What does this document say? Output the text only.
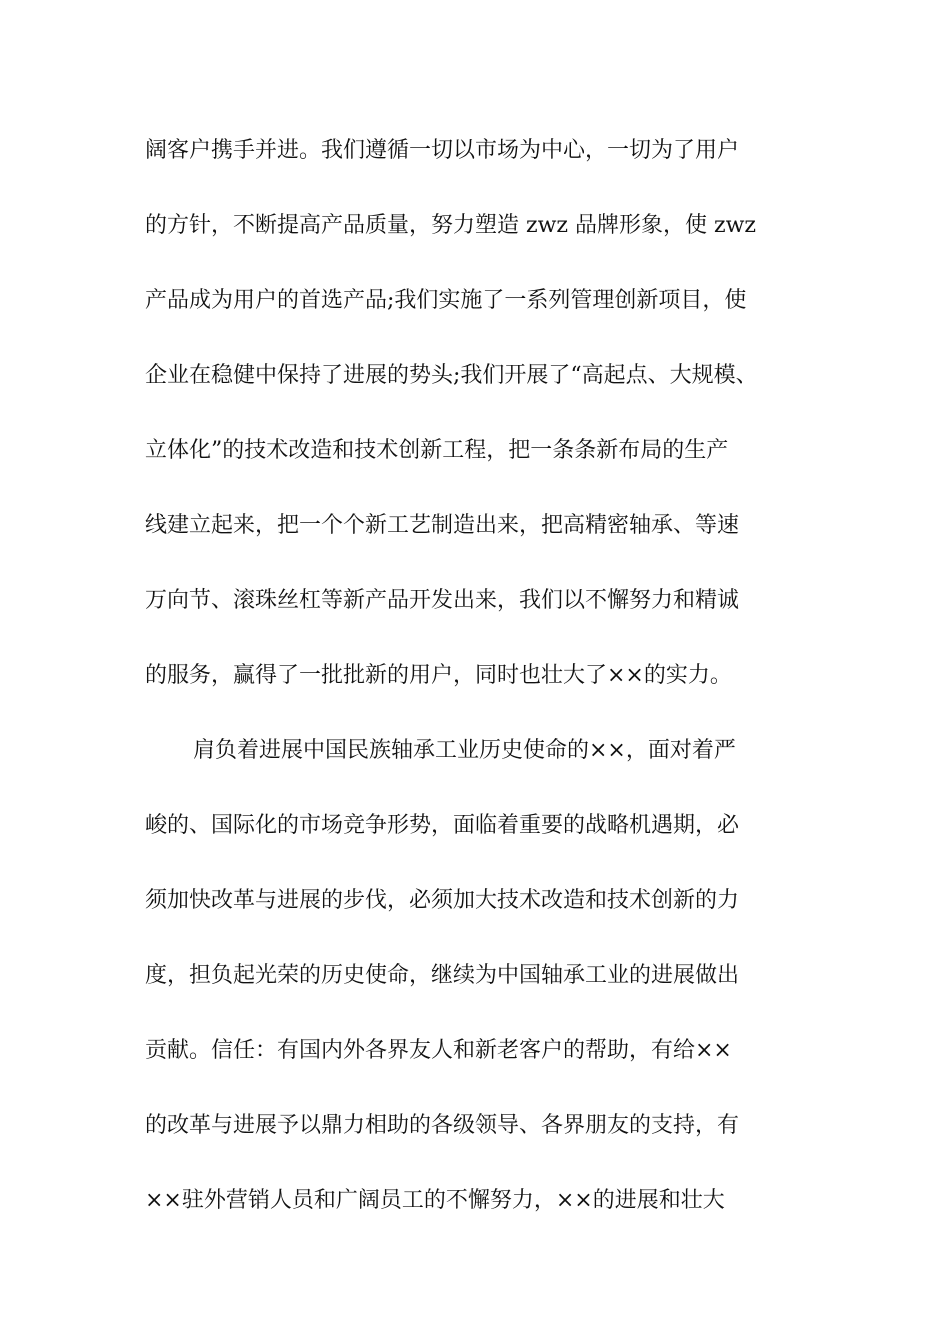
阔客户携手并进。我们遵循一切以市场为中心，一切为了用户
的方针，不断提高产品质量，努力塑造 zwz 品牌形象，使 zwz
产品成为用户的首选产品;我们实施了一系列管理创新项目，使
企业在稳健中保持了进展的势头;我们开展了“高起点、大规模、
立体化”的技术改造和技术创新工程，把一条条新布局的生产
线建立起来，把一个个新工艺制造出来，把高精密轴承、等速
万向节、滚珠丝杠等新产品开发出来，我们以不懈努力和精诚
的服务，赢得了一批批新的用户，同时也壮大了××的实力。
肩负着进展中国民族轴承工业历史使命的××，面对着严
峻的、国际化的市场竞争形势，面临着重要的战略机遇期，必
须加快改革与进展的步伐，必须加大技术改造和技术创新的力
度，担负起光荣的历史使命，继续为中国轴承工业的进展做出
贡献。信任：有国内外各界友人和新老客户的帮助，有给××
的改革与进展予以鼎力相助的各级领导、各界朋友的支持，有
××驻外营销人员和广阔员工的不懈努力，××的进展和壮大
